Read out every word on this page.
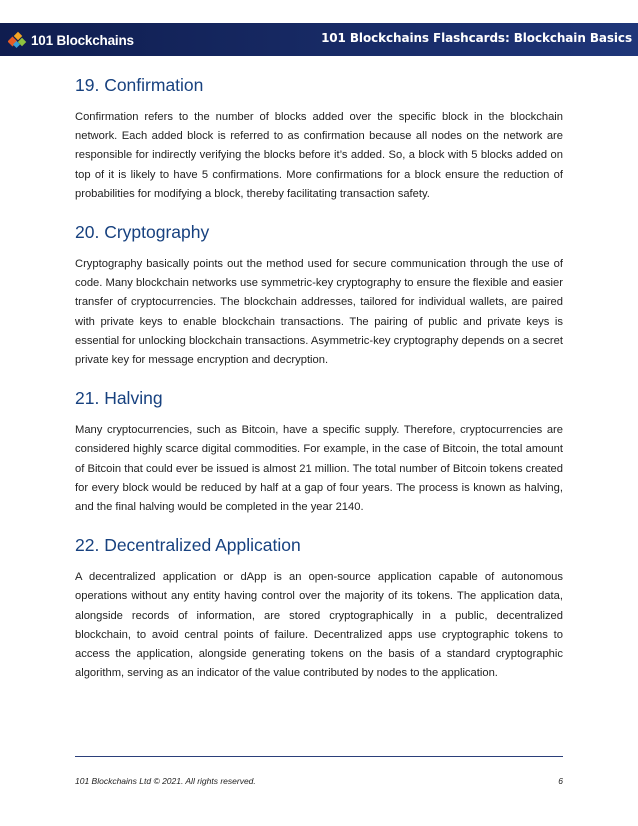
101 Blockchains	101 Blockchains Flashcards: Blockchain Basics
19. Confirmation

Confirmation refers to the number of blocks added over the specific block in the blockchain network. Each added block is referred to as confirmation because all nodes on the network are responsible for indirectly verifying the blocks before it’s added. So, a block with 5 blocks added on top of it is likely to have 5 confirmations. More confirmations for a block ensure the reduction of probabilities for modifying a block, thereby facilitating transaction safety.

20. Cryptography

Cryptography basically points out the method used for secure communication through the use of code. Many blockchain networks use symmetric-key cryptography to ensure the flexible and easier transfer of cryptocurrencies. The blockchain addresses, tailored for individual wallets, are paired with private keys to enable blockchain transactions. The pairing of public and private keys is essential for unlocking blockchain transactions. Asymmetric-key cryptography depends on a secret private key for message encryption and decryption.

21. Halving

Many cryptocurrencies, such as Bitcoin, have a specific supply. Therefore, cryptocurrencies are considered highly scarce digital commodities. For example, in the case of Bitcoin, the total amount of Bitcoin that could ever be issued is almost 21 million. The total number of Bitcoin tokens created for every block would be reduced by half at a gap of four years. The process is known as halving, and the final halving would be completed in the year 2140.

22. Decentralized Application

A decentralized application or dApp is an open-source application capable of autonomous operations without any entity having control over the majority of its tokens. The application data, alongside records of information, are stored cryptographically in a public, decentralized blockchain, to avoid central points of failure. Decentralized apps use cryptographic tokens to access the application, alongside generating tokens on the basis of a standard cryptographic algorithm, serving as an indicator of the value contributed by nodes to the application.

101 Blockchains Ltd © 2021. All rights reserved.	6
